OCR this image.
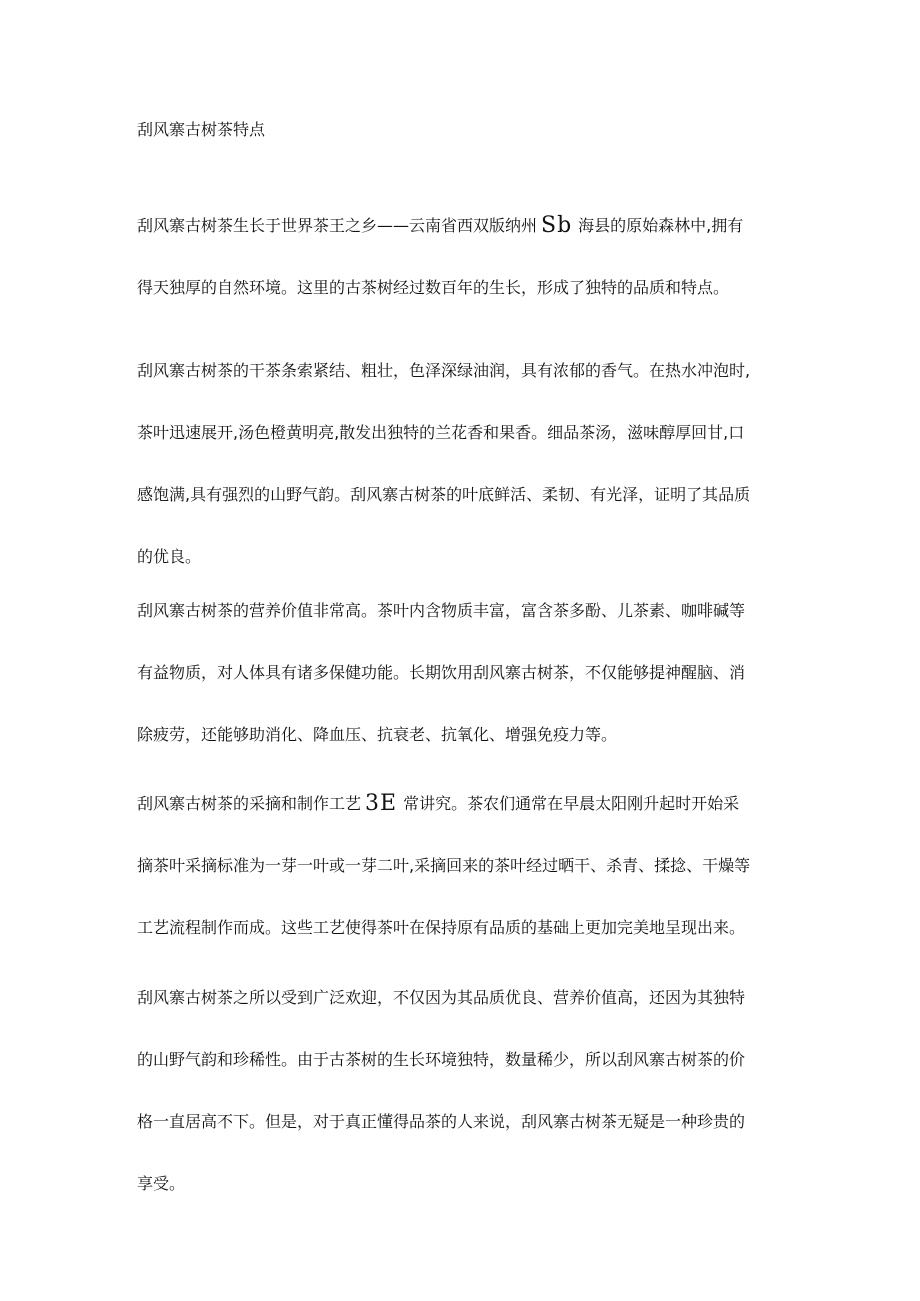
刮风寨古树茶特点
刮风寨古树茶生长于世界茶王之乡——云南省西双版纳州 Sb 海县的原始森林中,拥有
得天独厚的自然环境。这里的古茶树经过数百年的生长，形成了独特的品质和特点。
刮风寨古树茶的干茶条索紧结、粗壮，色泽深绿油润，具有浓郁的香气。在热水冲泡时,
茶叶迅速展开,汤色橙黄明亮,散发出独特的兰花香和果香。细品茶汤，滋味醇厚回甘,口
感饱满,具有强烈的山野气韵。刮风寨古树茶的叶底鲜活、柔韧、有光泽，证明了其品质
的优良。
刮风寨古树茶的营养价值非常高。茶叶内含物质丰富，富含茶多酚、儿茶素、咖啡碱等
有益物质，对人体具有诸多保健功能。长期饮用刮风寨古树茶，不仅能够提神醒脑、消
除疲劳，还能够助消化、降血压、抗衰老、抗氧化、增强免疫力等。
刮风寨古树茶的采摘和制作工艺 3E 常讲究。茶农们通常在早晨太阳刚升起时开始采
摘茶叶采摘标准为一芽一叶或一芽二叶,采摘回来的茶叶经过晒干、杀青、揉捻、干燥等
工艺流程制作而成。这些工艺使得茶叶在保持原有品质的基础上更加完美地呈现出来。
刮风寨古树茶之所以受到广泛欢迎，不仅因为其品质优良、营养价值高，还因为其独特
的山野气韵和珍稀性。由于古茶树的生长环境独特，数量稀少，所以刮风寨古树茶的价
格一直居高不下。但是，对于真正懂得品茶的人来说，刮风寨古树茶无疑是一种珍贵的
享受。
